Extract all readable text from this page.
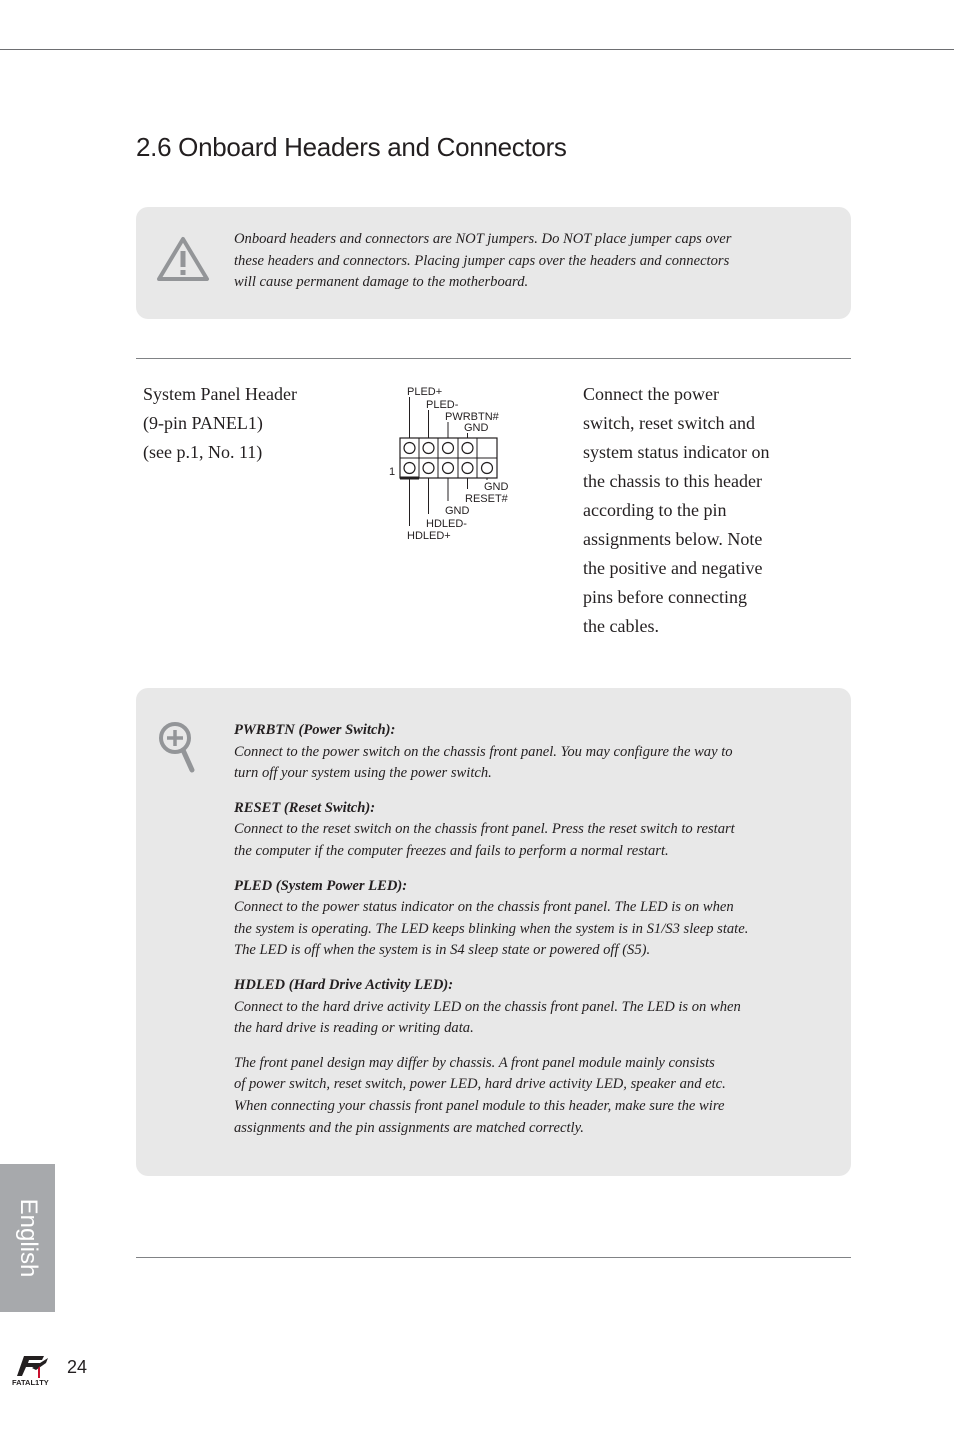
2.6 Onboard Headers and Connectors
Onboard headers and connectors are NOT jumpers. Do NOT place jumper caps over
these headers and connectors. Placing jumper caps over the headers and connectors
will cause permanent damage to the motherboard.
System Panel Header
(9-pin PANEL1)
(see p.1, No. 11)
PLED+
PLED-
PWRBTN#
GND
1
GND
RESET#
GND
HDLED-
HDLED+
Connect the power
switch, reset switch and
system status indicator on
the chassis to this header
according to the pin
assignments below. Note
the positive and negative
pins before connecting
the cables.
PWRBTN (Power Switch):
Connect to the power switch on the chassis front panel. You may configure the way to
turn off your system using the power switch.
RESET (Reset Switch):
Connect to the reset switch on the chassis front panel. Press the reset switch to restart
the computer if the computer freezes and fails to perform a normal restart.
PLED (System Power LED):
Connect to the power status indicator on the chassis front panel. The LED is on when
the system is operating. The LED keeps blinking when the system is in S1/S3 sleep state.
The LED is off when the system is in S4 sleep state or powered off (S5).
HDLED (Hard Drive Activity LED):
Connect to the hard drive activity LED on the chassis front panel. The LED is on when
the hard drive is reading or writing data.
The front panel design may differ by chassis. A front panel module mainly consists
of power switch, reset switch, power LED, hard drive activity LED, speaker and etc.
When connecting your chassis front panel module to this header, make sure the wire
assignments and the pin assignments are matched correctly.
English
FATAL1TY
24
